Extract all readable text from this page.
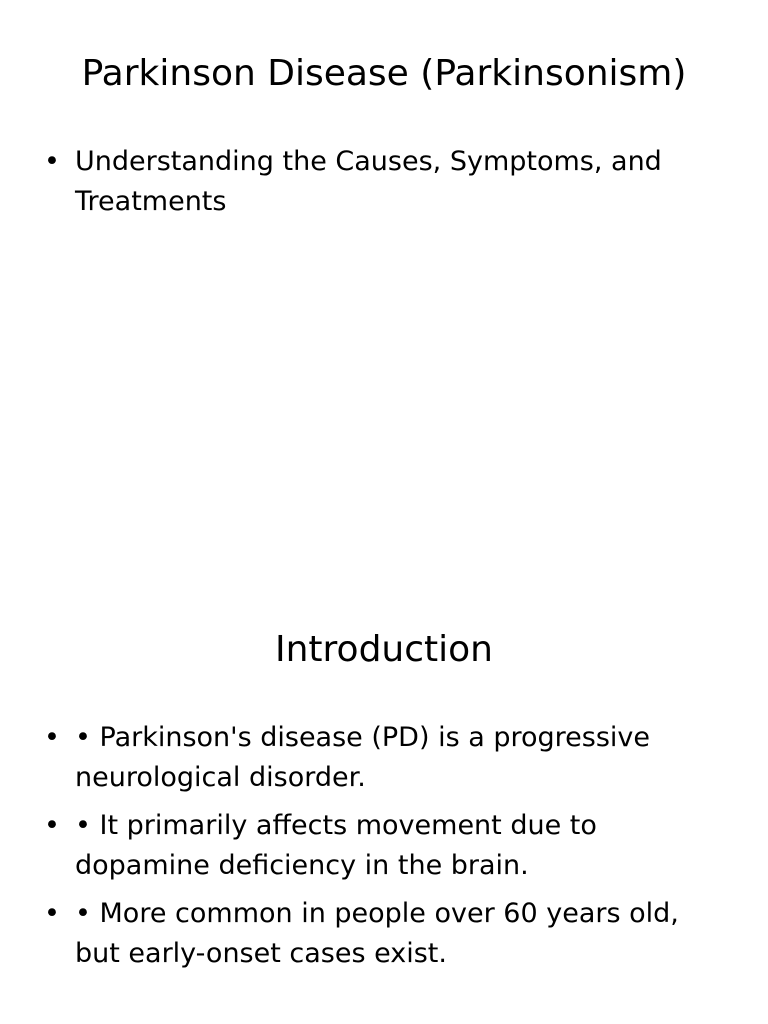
Parkinson Disease (Parkinsonism)
• Understanding the Causes, Symptoms, and Treatments
Introduction
• • Parkinson's disease (PD) is a progressive neurological disorder.
• • It primarily affects movement due to dopamine deficiency in the brain.
• • More common in people over 60 years old, but early-onset cases exist.
